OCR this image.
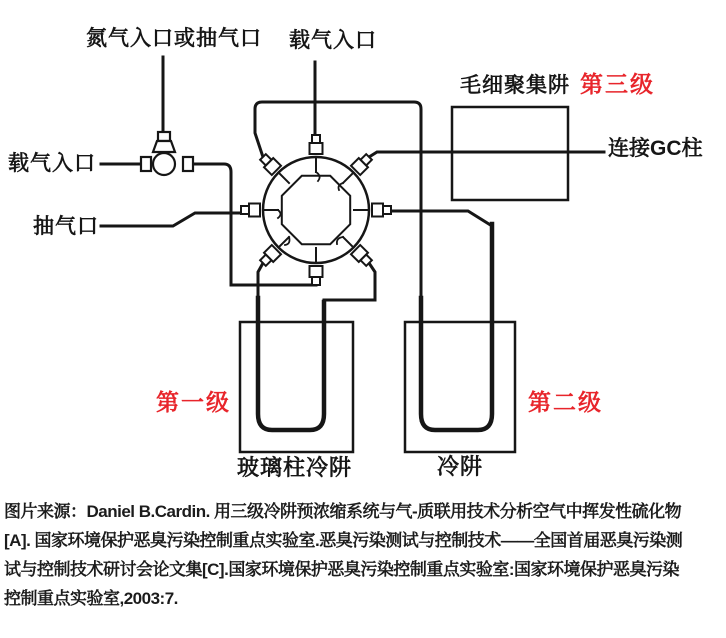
氮气入口或抽气口 载气入口
载气入口
抽气口
毛细聚集阱 第三级
连接GC柱
第一级	第二级
玻璃柱冷阱	冷阱
图片来源：Daniel B.Cardin. 用三级冷阱预浓缩系统与气-质联用技术分析空气中挥发性硫化物
[A]. 国家环境保护恶臭污染控制重点实验室.恶臭污染测试与控制技术——全国首届恶臭污染测
试与控制技术研讨会论文集[C].国家环境保护恶臭污染控制重点实验室:国家环境保护恶臭污染
控制重点实验室,2003:7.
